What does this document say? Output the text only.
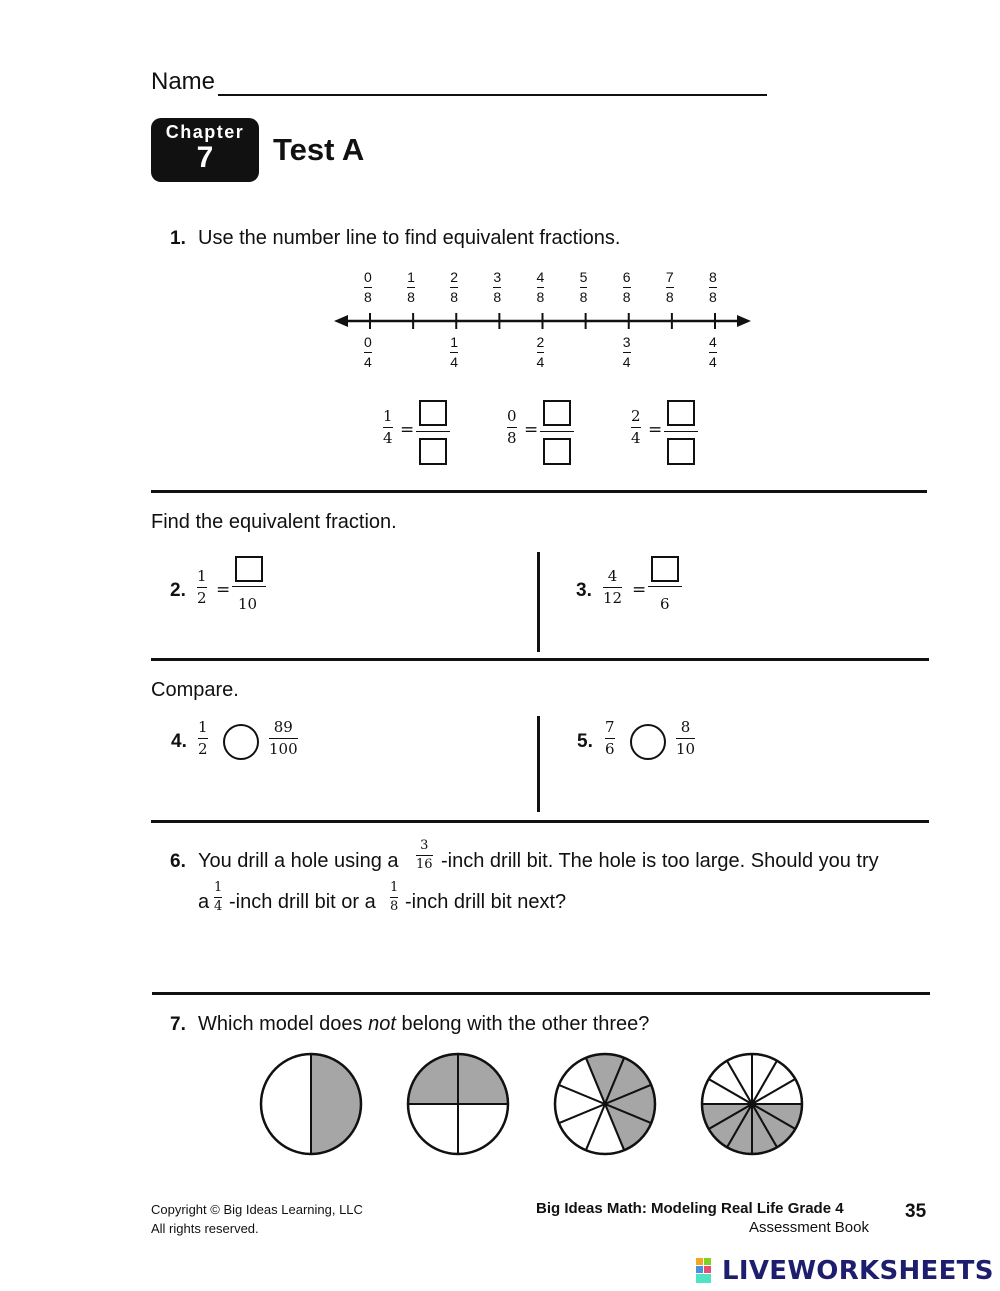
Name
Chapter
7	Test A
1. Use the number line to find equivalent fractions.
0
8
1
8
2
8
3
8
4
8
5
8
6
8
7
8
8
8
0
4
1
4
2
4
3
4
4
4
1
4 =
0
8 =
2
4 =
Find the equivalent fraction.
2.
1
2 =
10
3.
4
12 =
6
Compare.
4.
1
2
89
100	5.
7
6
8
10
6. You drill a hole using a
3
16 -inch drill bit. The hole is too large. Should you try
a
1
4 -inch drill bit or a
1
8 -inch drill bit next?
7. Which model does not belong with the other three?
Copyright © Big Ideas Learning, LLC
All rights reserved.
Big Ideas Math: Modeling Real Life Grade 4
Assessment Book
35
LIVEWORKSHEETS
